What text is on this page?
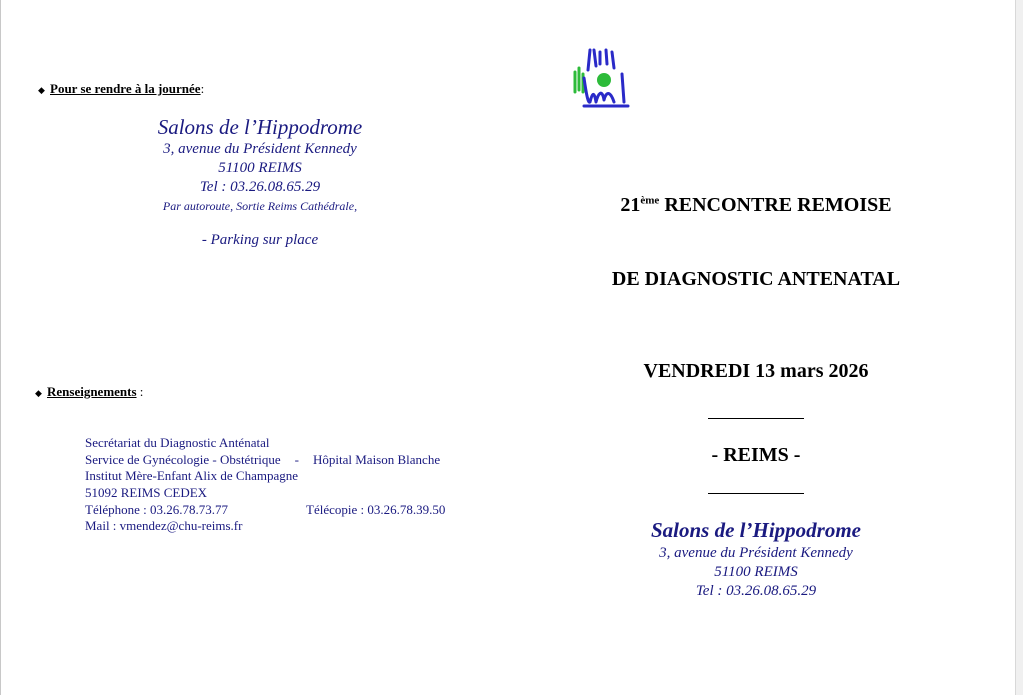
◆ Pour se rendre à la journée:
Salons de l’Hippodrome
3, avenue du Président Kennedy
51100 REIMS
Tel : 03.26.08.65.29
Par autoroute, Sortie Reims Cathédrale,
- Parking sur place
◆ Renseignements :
Secrétariat du Diagnostic Anténatal
Service de Gynécologie - Obstétrique - Hôpital Maison Blanche
Institut Mère-Enfant Alix de Champagne
51092 REIMS CEDEX
Téléphone : 03.26.78.73.77	Télécopie : 03.26.78.39.50
Mail : vmendez@chu-reims.fr
21ème RENCONTRE REMOISE
DE DIAGNOSTIC ANTENATAL
VENDREDI 13 mars 2026
- REIMS -
Salons de l’Hippodrome
3, avenue du Président Kennedy
51100 REIMS
Tel : 03.26.08.65.29
